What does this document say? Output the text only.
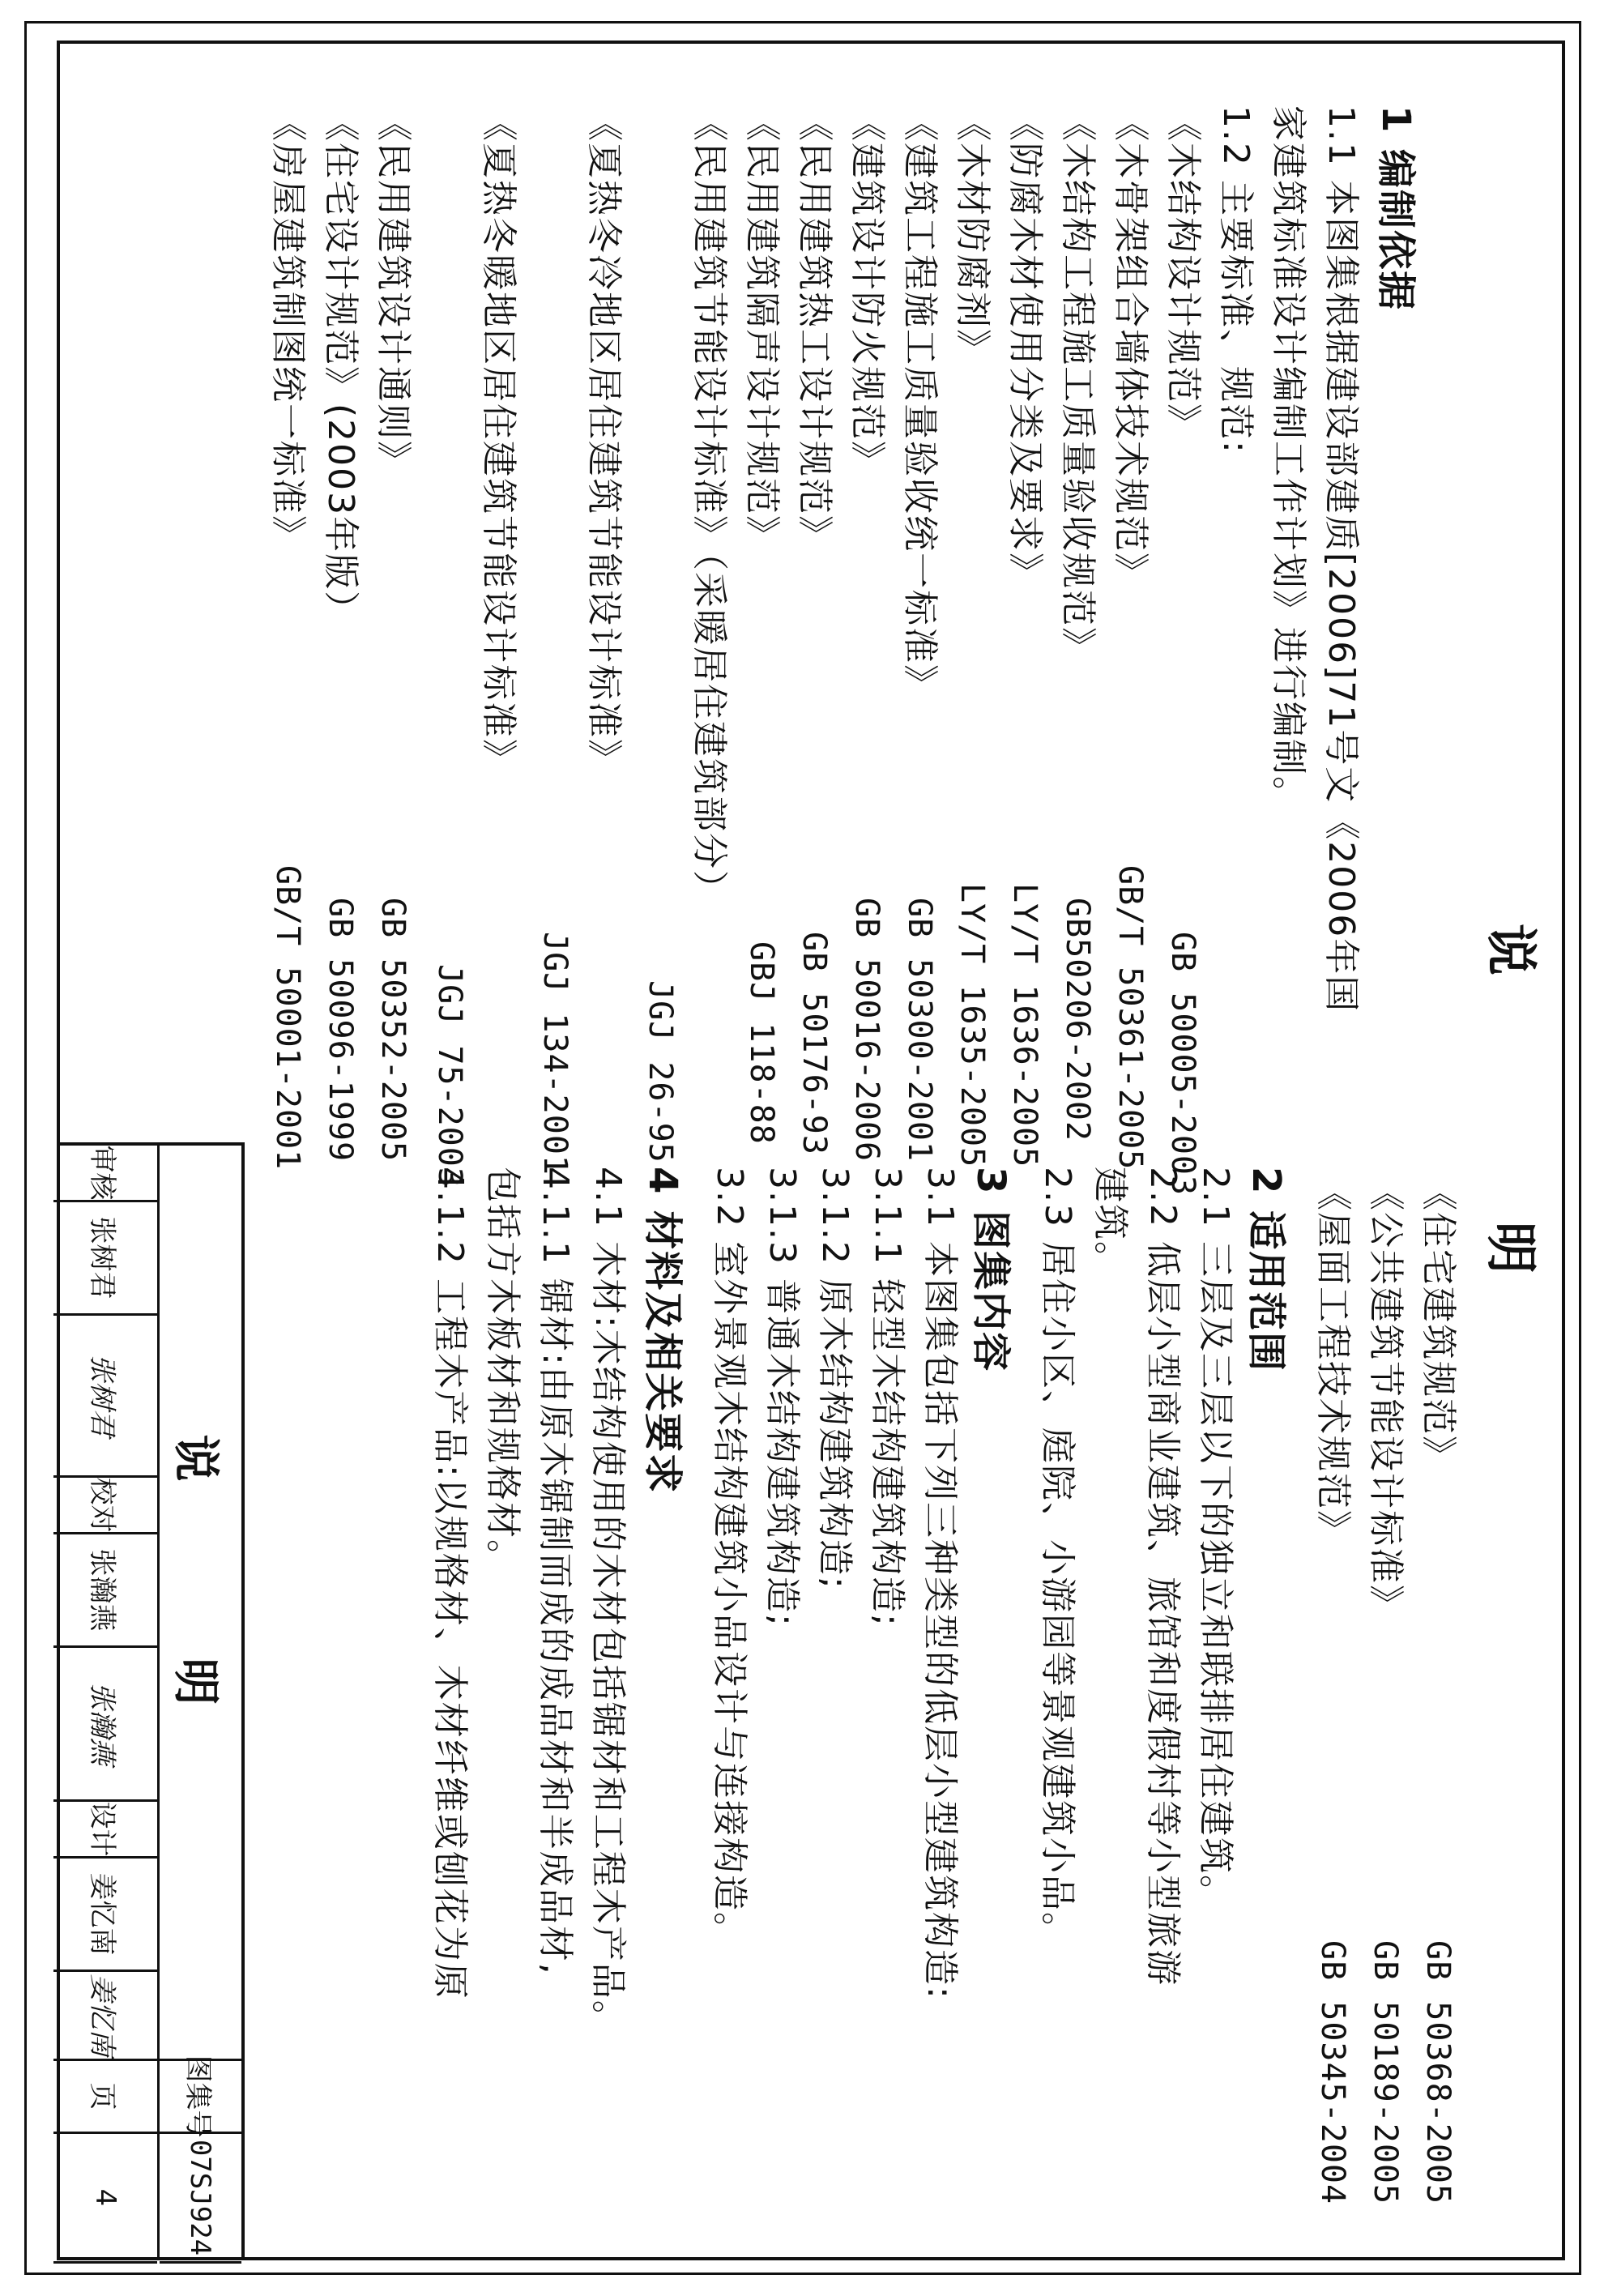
说　明
1 编制依据
1.1 本图集根据建设部建质[2006]71号文《2006年国
家建筑标准设计编制工作计划》进行编制。
1.2 主要标准、规范:
《木结构设计规范》
GB 50005-2003
《木骨架组合墙体技术规范》
GB/T 50361-2005
《木结构工程施工质量验收规范》
GB50206-2002
《防腐木材使用分类及要求》
LY/T 1636-2005
《木材防腐剂》
LY/T 1635-2005
《建筑工程施工质量验收统一标准》
GB 50300-2001
《建筑设计防火规范》
GB 50016-2006
《民用建筑热工设计规范》
GB 50176-93
《民用建筑隔声设计规范》
GBJ 118-88
《民用建筑节能设计标准》（采暖居住建筑部分）
JGJ 26-95
《夏热冬冷地区居住建筑节能设计标准》
JGJ 134-2001
《夏热冬暖地区居住建筑节能设计标准》
JGJ 75-2003
《民用建筑设计通则》
GB 50352-2005
《住宅设计规范》(2003年版）
GB 50096-1999
《房屋建筑制图统一标准》
GB/T 50001-2001
《住宅建筑规范》
GB 50368-2005
《公共建筑节能设计标准》
GB 50189-2005
《屋面工程技术规范》
GB 50345-2004
2 适用范围
2.1 三层及三层以下的独立和联排居住建筑。
2.2 低层小型商业建筑、旅馆和度假村等小型旅游
建筑。
2.3 居住小区、庭院、小游园等景观建筑小品。
3 图集内容
3.1 本图集包括下列三种类型的低层小型建筑构造:
3.1.1 轻型木结构建筑构造;
3.1.2 原木结构建筑构造;
3.1.3 普通木结构建筑构造;
3.2 室外景观木结构建筑小品设计与连接构造。
4 材料及相关要求
4.1 木材:木结构使用的木材包括锯材和工程木产品。
4.1.1 锯材:由原木锯制而成的成品材和半成品材,
包括方木板材和规格材。
4.1.2 工程木产品:以规格材、木材纤维或刨花为原
说　明
图集号
07SJ924
审核
张树君
张树君
校对
张瀚燕
张瀚燕
设计
姜忆南
姜忆南
页
4
